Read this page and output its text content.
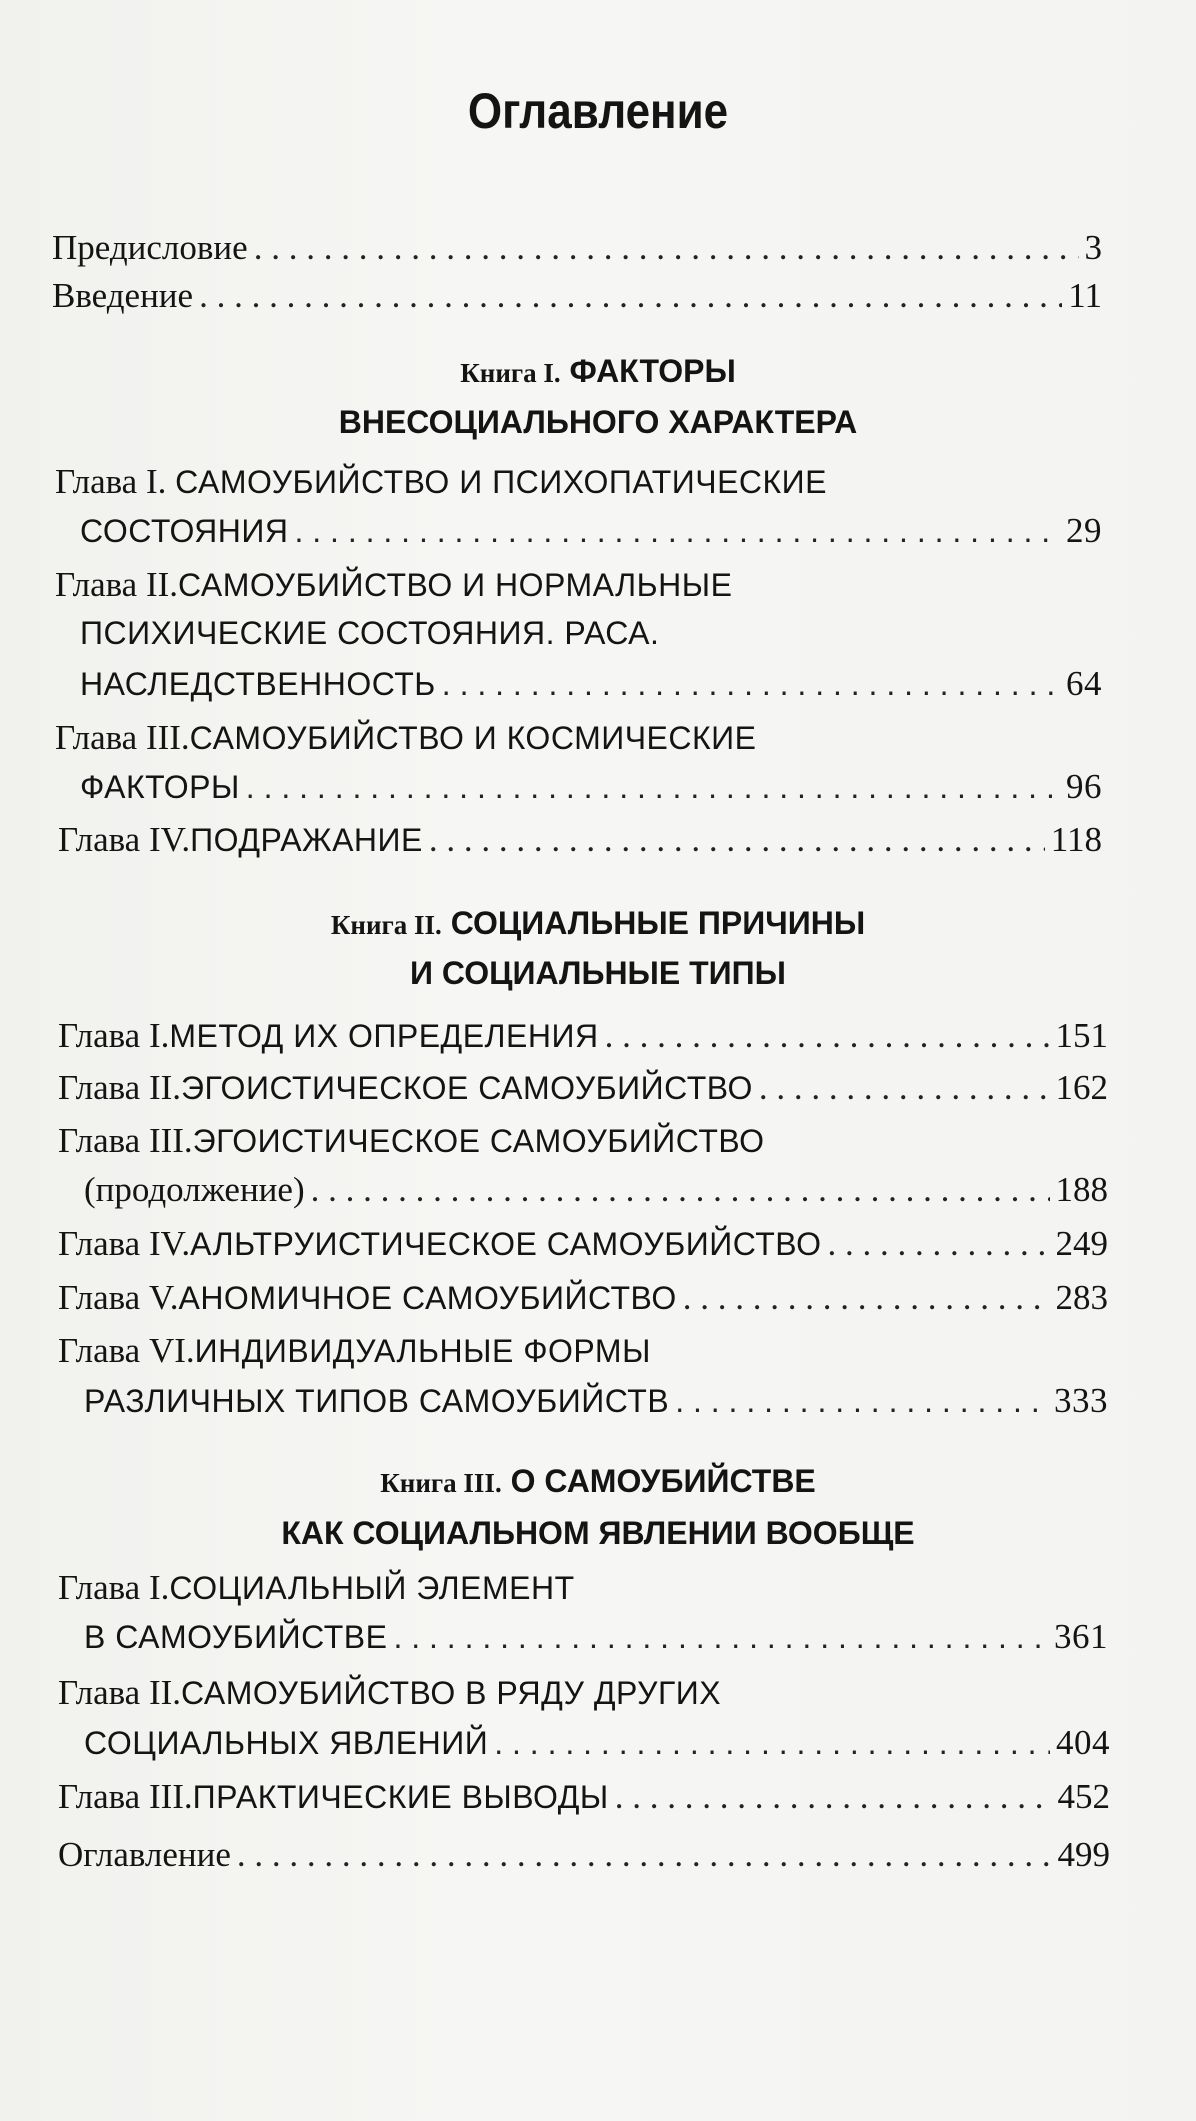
Оглавление
Предисловие . . .	3
Введение . . .	11
Книга I. ФАКТОРЫ
ВНЕСОЦИАЛЬНОГО ХАРАКТЕРА
Глава I. САМОУБИЙСТВО И ПСИХОПАТИЧЕСКИЕ
СОСТОЯНИЯ . . .	29
Глава II.САМОУБИЙСТВО И НОРМАЛЬНЫЕ
ПСИХИЧЕСКИЕ СОСТОЯНИЯ. РАСА.
НАСЛЕДСТВЕННОСТЬ . . .	64
Глава III.САМОУБИЙСТВО И КОСМИЧЕСКИЕ
ФАКТОРЫ . . .	96
Глава IV.ПОДРАЖАНИЕ . . .	118
Книга II. СОЦИАЛЬНЫЕ ПРИЧИНЫ
И СОЦИАЛЬНЫЕ ТИПЫ
Глава I.МЕТОД ИХ ОПРЕДЕЛЕНИЯ . . .	151
Глава II.ЭГОИСТИЧЕСКОЕ САМОУБИЙСТВО . . .	162
Глава III.ЭГОИСТИЧЕСКОЕ САМОУБИЙСТВО
(продолжение) . . .	188
Глава IV.АЛЬТРУИСТИЧЕСКОЕ САМОУБИЙСТВО . . .	249
Глава V.АНОМИЧНОЕ САМОУБИЙСТВО . . .	283
Глава VI.ИНДИВИДУАЛЬНЫЕ ФОРМЫ
РАЗЛИЧНЫХ ТИПОВ САМОУБИЙСТВ . . .	333
Книга III. О САМОУБИЙСТВЕ
КАК СОЦИАЛЬНОМ ЯВЛЕНИИ ВООБЩЕ
Глава I.СОЦИАЛЬНЫЙ ЭЛЕМЕНТ
В САМОУБИЙСТВЕ . . .	361
Глава II.САМОУБИЙСТВО В РЯДУ ДРУГИХ
СОЦИАЛЬНЫХ ЯВЛЕНИЙ . . .	404
Глава III.ПРАКТИЧЕСКИЕ ВЫВОДЫ . . .	452
Оглавление . . .	499
